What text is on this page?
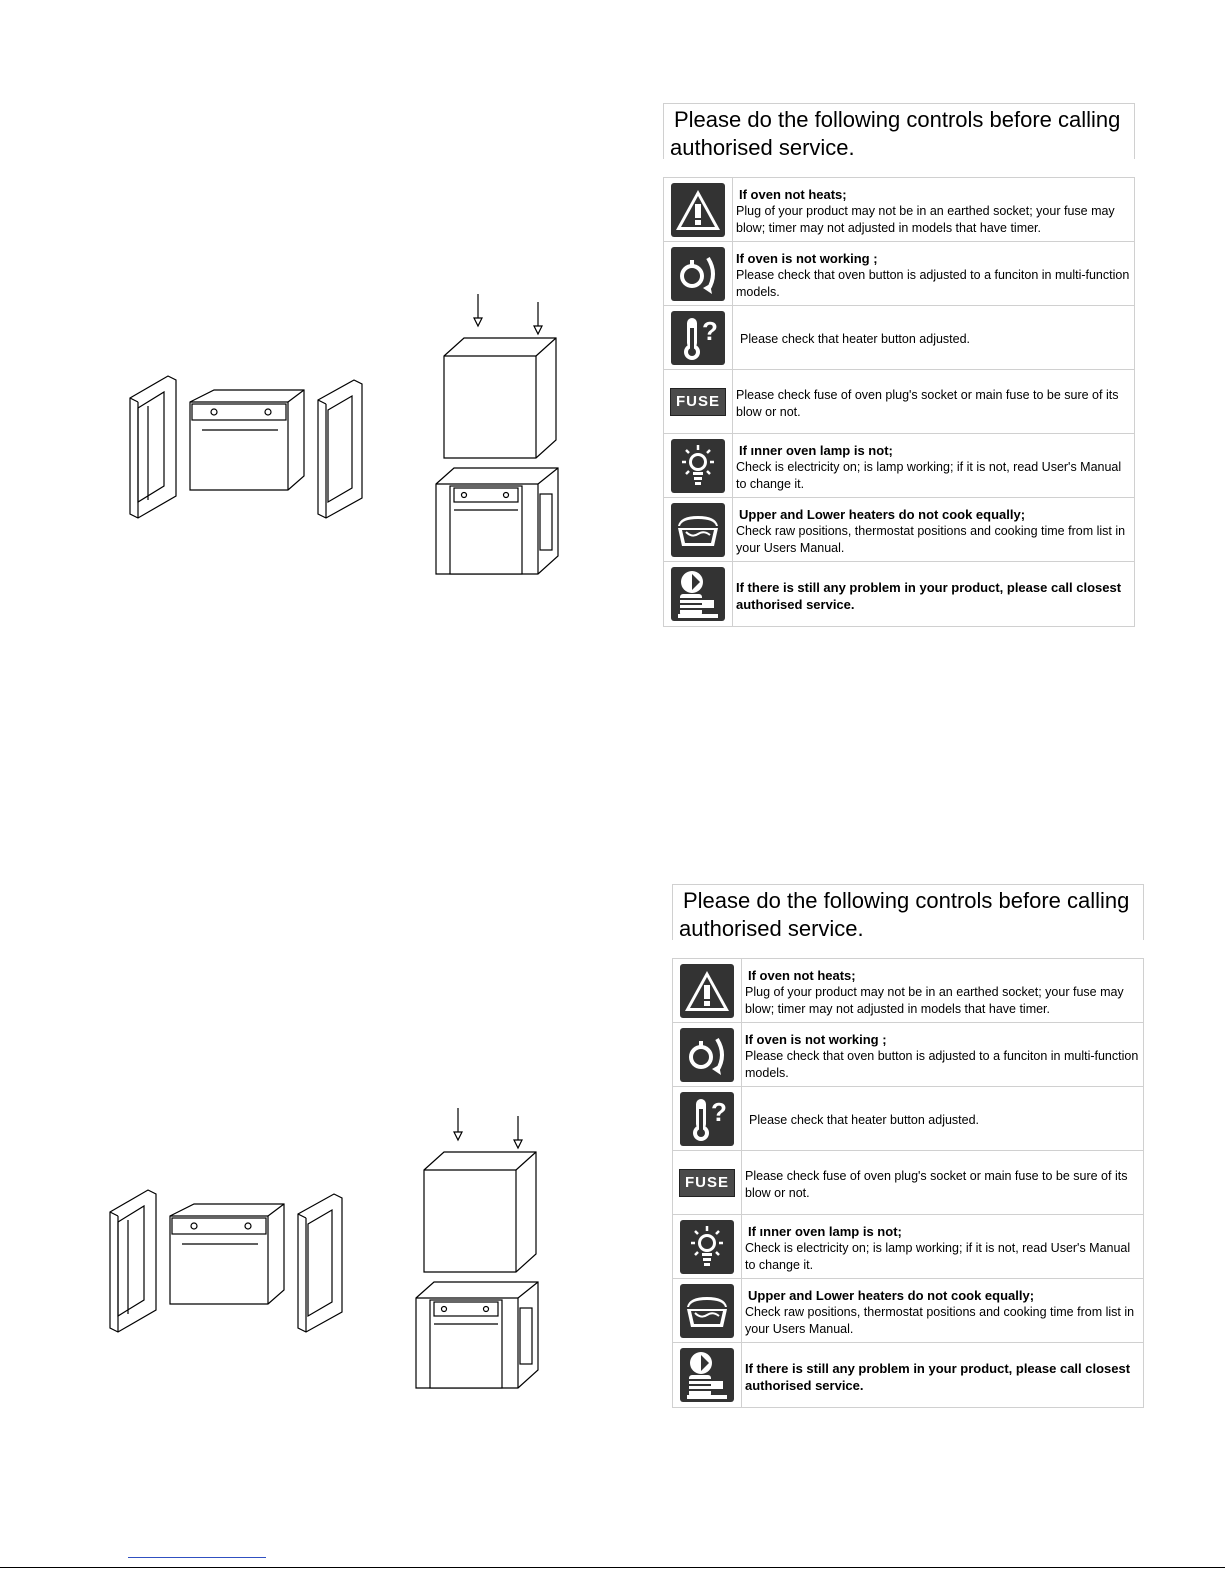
Please do the following controls before calling
authorised service.
If oven not heats;
Plug of your product may not be in an earthed socket; your fuse may blow; timer may not adjusted in models that have timer.
If oven is not working ;
Please check that oven button is adjusted to a funciton in multi-function models.
Please check that heater button adjusted.
FUSE	Please check fuse of oven plug's socket or main fuse to be sure of its blow or not.
If ınner oven lamp is not;
Check is electricity on; is lamp working; if it is not, read User's Manual to change it.
Upper and Lower heaters do not cook equally;
Check raw positions, thermostat positions and cooking time from list in your Users Manual.
If there is still any problem in your product, please call closest authorised service.
Please do the following controls before calling
authorised service.
If oven not heats;
Plug of your product may not be in an earthed socket; your fuse may blow; timer may not adjusted in models that have timer.
If oven is not working ;
Please check that oven button is adjusted to a funciton in multi-function models.
Please check that heater button adjusted.
FUSE	Please check fuse of oven plug's socket or main fuse to be sure of its blow or not.
If ınner oven lamp is not;
Check is electricity on; is lamp working; if it is not, read User's Manual to change it.
Upper and Lower heaters do not cook equally;
Check raw positions, thermostat positions and cooking time from list in your Users Manual.
If there is still any problem in your product, please call closest authorised service.
